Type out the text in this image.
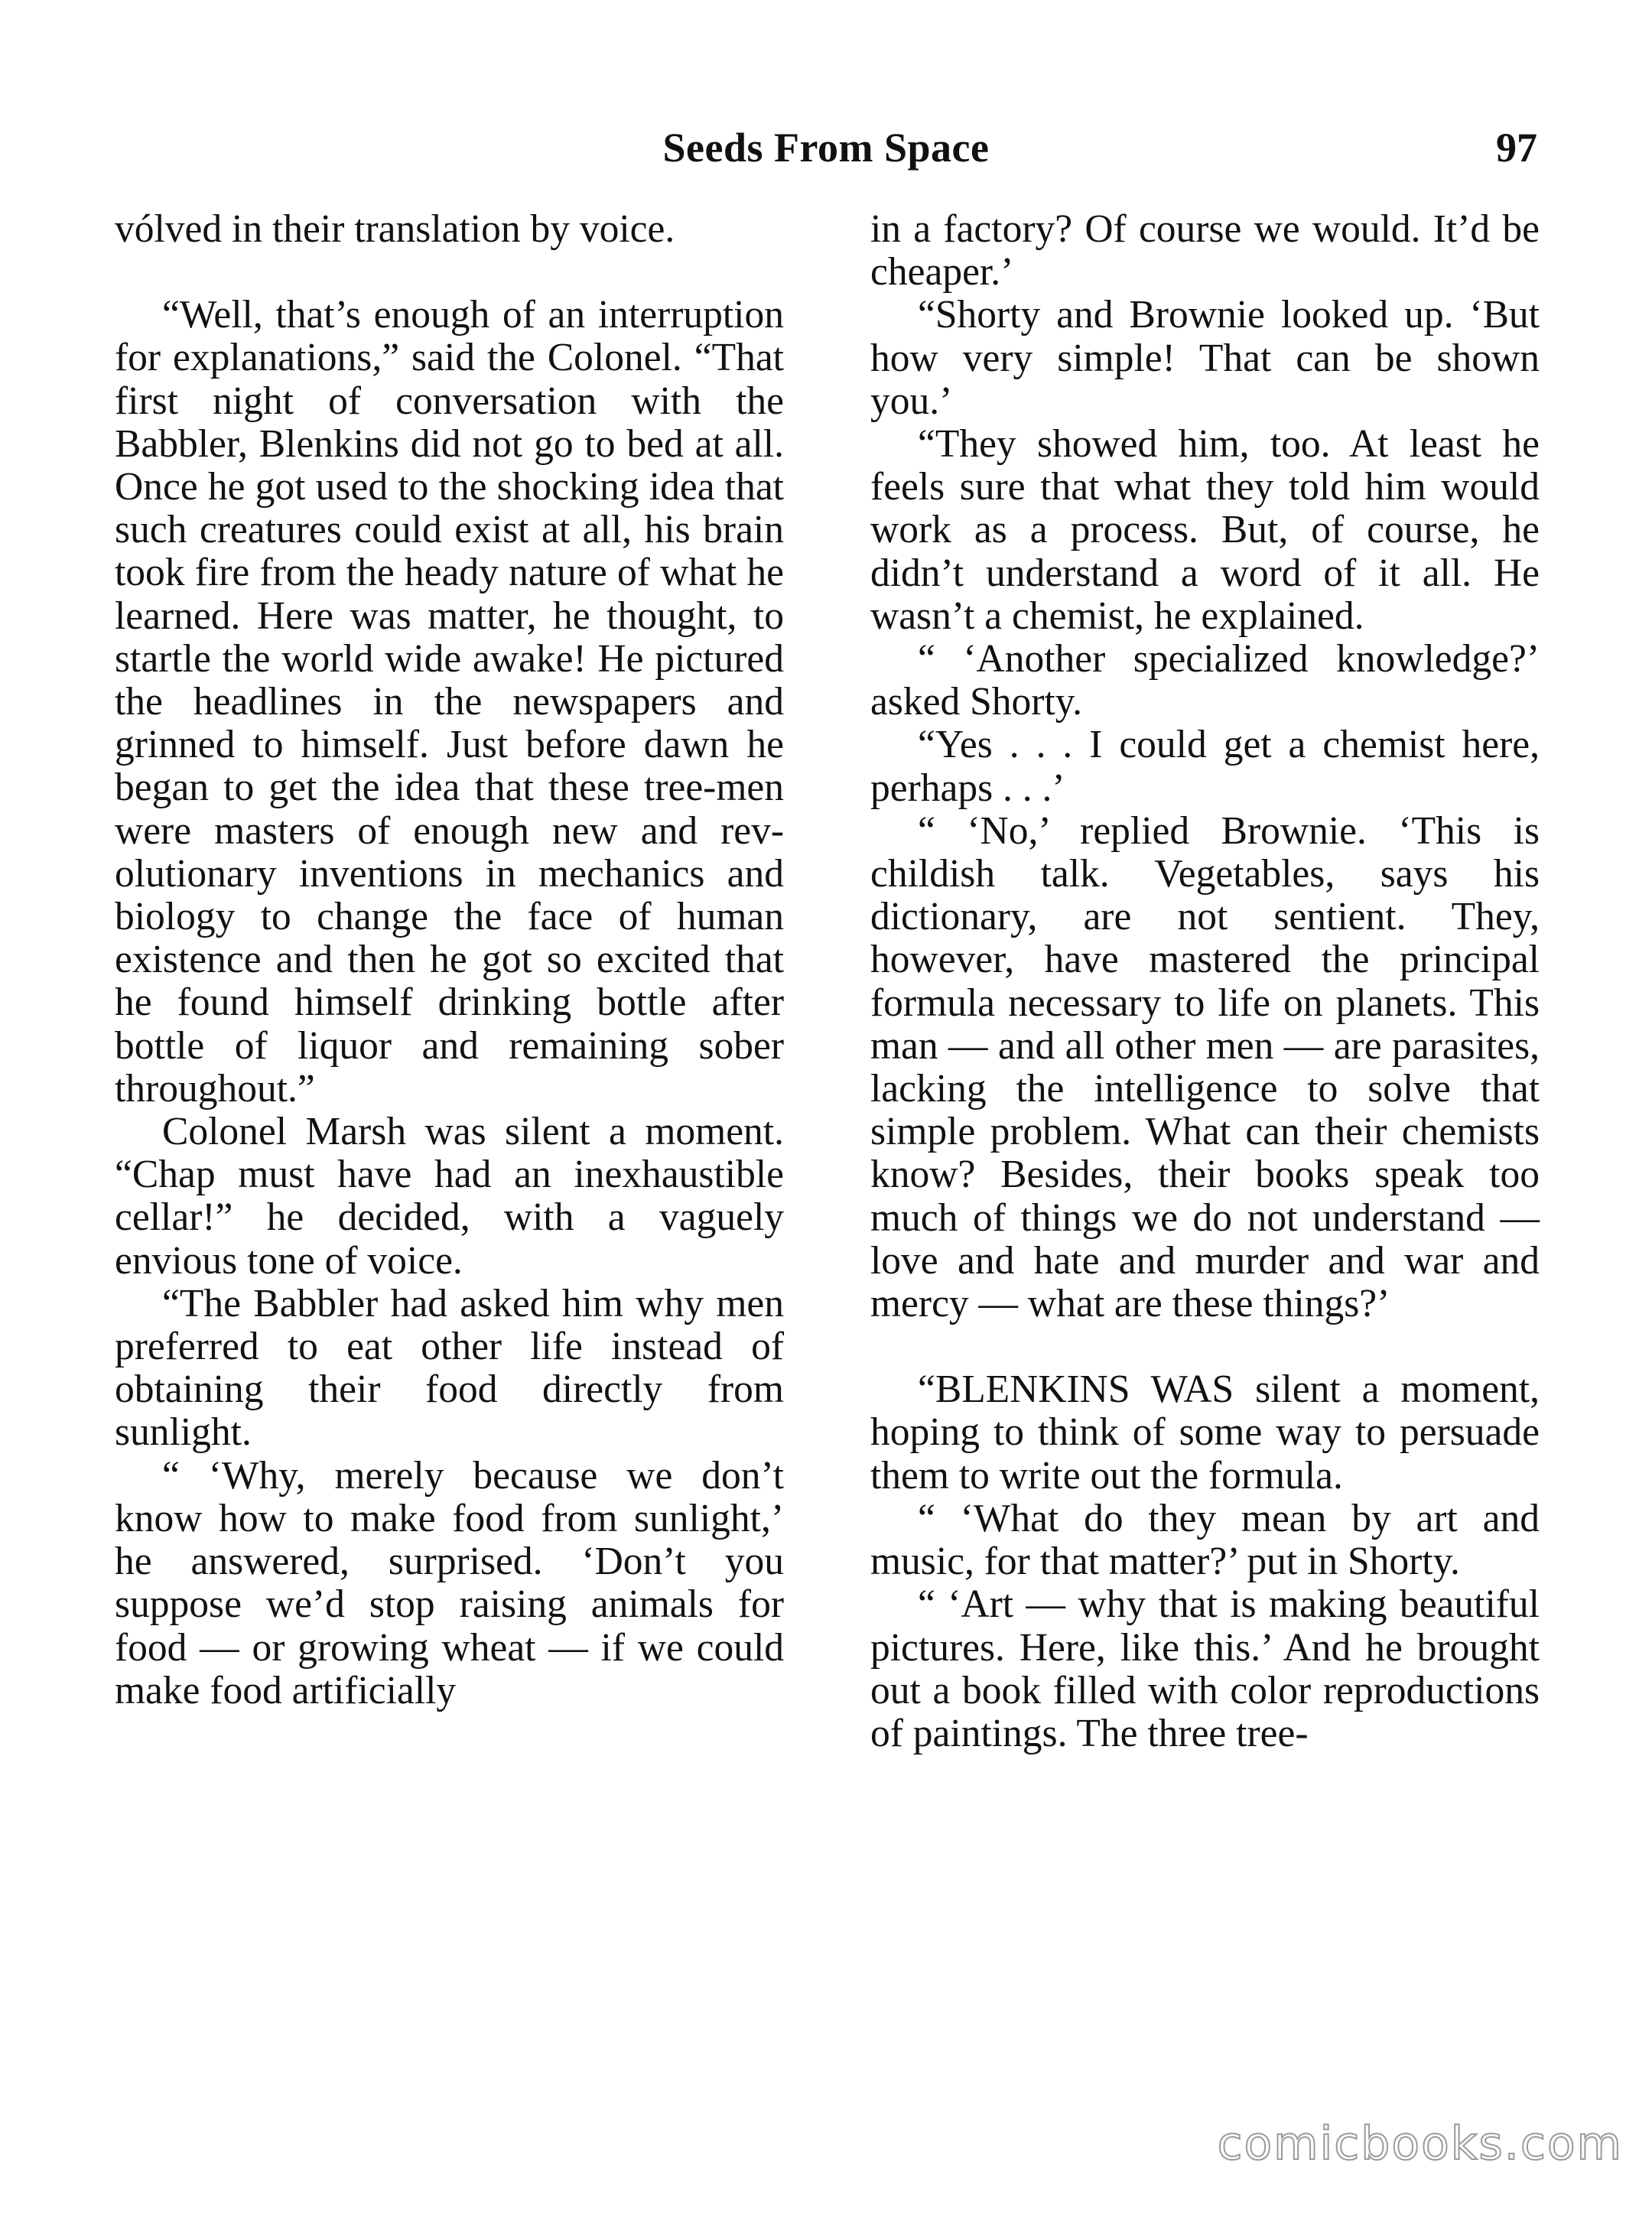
Seeds From Space	97

vólved in their translation by voice.

“Well, that’s enough of an interruption for explanations,” said the Colonel. “That first night of conversation with the Babbler, Blenkins did not go to bed at all. Once he got used to the shocking idea that such creatures could exist at all, his brain took fire from the heady nature of what he learned. Here was matter, he thought, to startle the world wide awake! He pictured the headlines in the newspapers and grinned to himself. Just before dawn he began to get the idea that these tree-men were masters of enough new and revolutionary inventions in mechanics and biology to change the face of human existence and then he got so excited that he found himself drinking bottle after bottle of liquor and remaining sober throughout.”

Colonel Marsh was silent a moment. “Chap must have had an inexhaustible cellar!” he decided, with a vaguely envious tone of voice.

“The Babbler had asked him why men preferred to eat other life instead of obtaining their food directly from sunlight.

“ ‘Why, merely because we don’t know how to make food from sunlight,’ he answered, surprised. ‘Don’t you suppose we’d stop raising animals for food — or growing wheat — if we could make food artificially

in a factory? Of course we would. It’d be cheaper.’

“Shorty and Brownie looked up. ‘But how very simple! That can be shown you.’

“They showed him, too. At least he feels sure that what they told him would work as a process. But, of course, he didn’t understand a word of it all. He wasn’t a chemist, he explained.

“ ‘Another specialized knowledge?’ asked Shorty.

“Yes . . . I could get a chemist here, perhaps . . .’

“ ‘No,’ replied Brownie. ‘This is childish talk. Vegetables, says his dictionary, are not sentient. They, however, have mastered the principal formula necessary to life on planets. This man — and all other men — are parasites, lacking the intelligence to solve that simple problem. What can their chemists know? Besides, their books speak too much of things we do not understand — love and hate and murder and war and mercy — what are these things?’

“BLENKINS WAS silent a moment, hoping to think of some way to persuade them to write out the formula.

“ ‘What do they mean by art and music, for that matter?’ put in Shorty.

“ ‘Art — why that is making beautiful pictures. Here, like this.’ And he brought out a book filled with color reproductions of paintings. The three tree-

comicbooks.com
